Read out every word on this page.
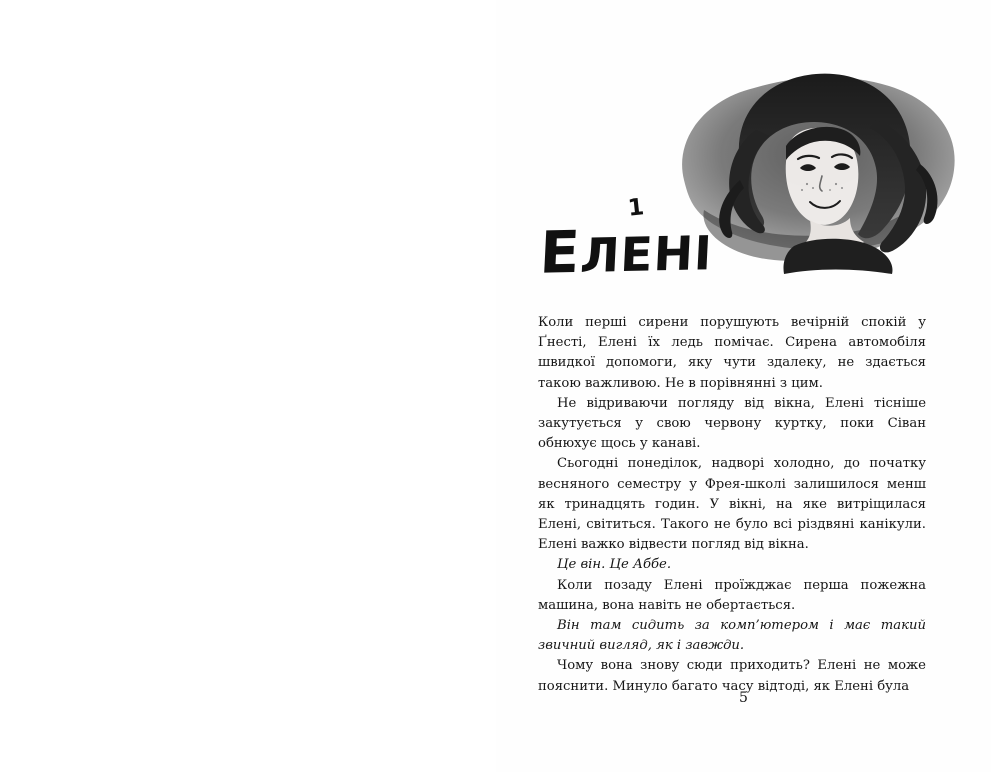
1
ЕЛЕНІ

Коли перші сирени порушують вечірній спокій у Ґнесті, Елені їх ледь помічає. Сирена автомобіля швидкої допомоги, яку чути здалеку, не здається такою важливою. Не в порівнянні з цим.

Не відриваючи погляду від вікна, Елені тісніше закутується у свою червону куртку, поки Сіван обнюхує щось у канаві.

Сьогодні понеділок, надворі холодно, до початку весняного семестру у Фрея-школі залишилося менш як тринадцять годин. У вікні, на яке витріщилася Елені, світиться. Такого не було всі різдвяні канікули. Елені важко відвести погляд від вікна.

Це він. Це Аббе.

Коли позаду Елені проїжджає перша пожежна машина, вона навіть не обертається.

Він там сидить за комп’ютером і має такий звичний вигляд, як і завжди.

Чому вона знову сюди приходить? Елені не може пояснити. Минуло багато часу відтоді, як Елені була

5
